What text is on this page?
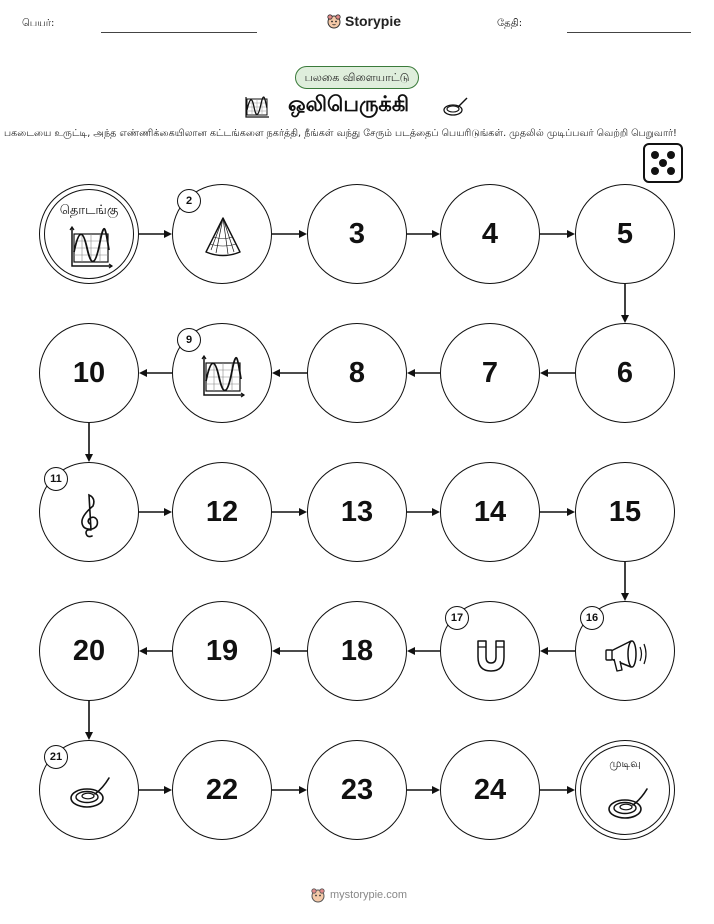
பெயர்:	Storypie	தேதி:
பலகை விளையாட்டு
ஒலிபெருக்கி
பகடையை உருட்டி, அந்த எண்ணிக்கையிலான கட்டங்களை நகர்த்தி, நீங்கள் வந்து சேரும் படத்தைப் பெயரிடுங்கள். முதலில் முடிப்பவர் வெற்றி பெறுவார்!
தொடங்கு
2
3	4	5
6
7
8
9
10
11
12	13	14	15
16
17
18
19
20
21
22	23	24
முடிவு
mystorypie.com
